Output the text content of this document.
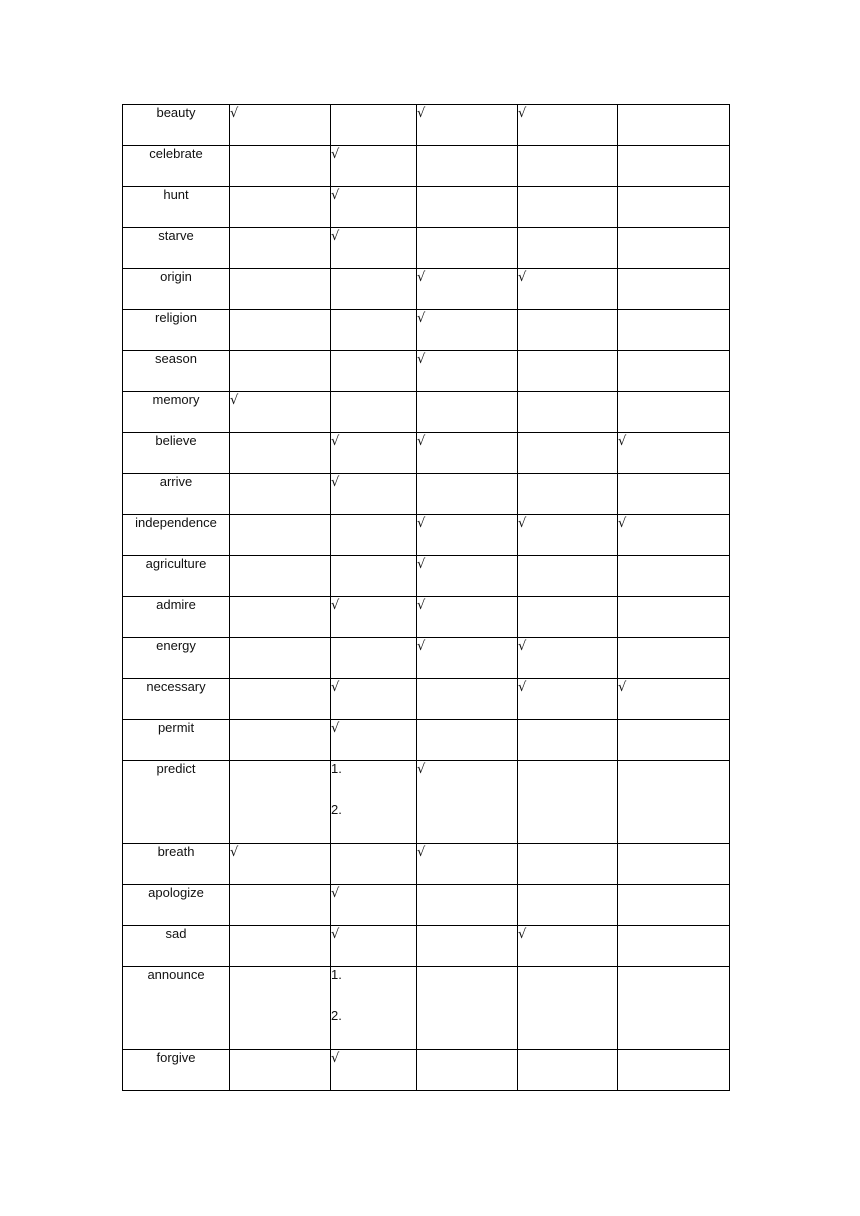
beauty	√		√	√	
celebrate		√			
hunt		√			
starve		√			
origin			√	√	
religion			√		
season			√		
memory	√				
believe		√	√		√
arrive		√			
independence			√	√	√
agriculture			√		
admire		√	√		
energy			√	√	
necessary		√		√	√
permit		√			
predict		1.
2.	√		
breath	√		√		
apologize		√			
sad		√		√	
announce		1.
2.			

forgive		√			
